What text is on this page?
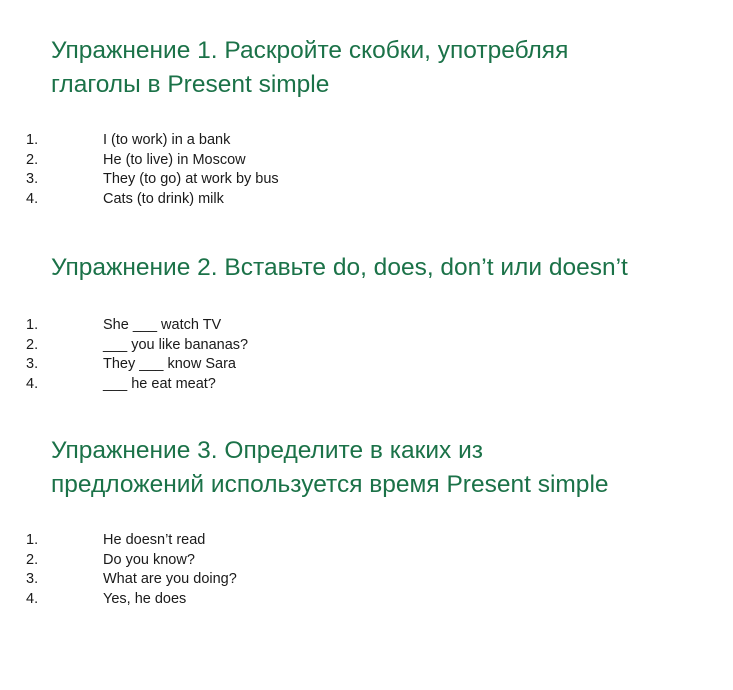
Упражнение 1. Раскройте скобки, употребляя
глаголы в Present simple
1.	I (to work) in a bank
2.	He (to live) in Moscow
3.	They (to go) at work by bus
4.	Cats (to drink) milk
Упражнение 2. Вставьте do, does, don’t или doesn’t
1.	She ___ watch TV
2.	___ you like bananas?
3.	They ___ know Sara
4.	___ he eat meat?
Упражнение 3. Определите в каких из
предложений используется время Present simple
1.	He doesn’t read
2.	Do you know?
3.	What are you doing?
4.	Yes, he does
